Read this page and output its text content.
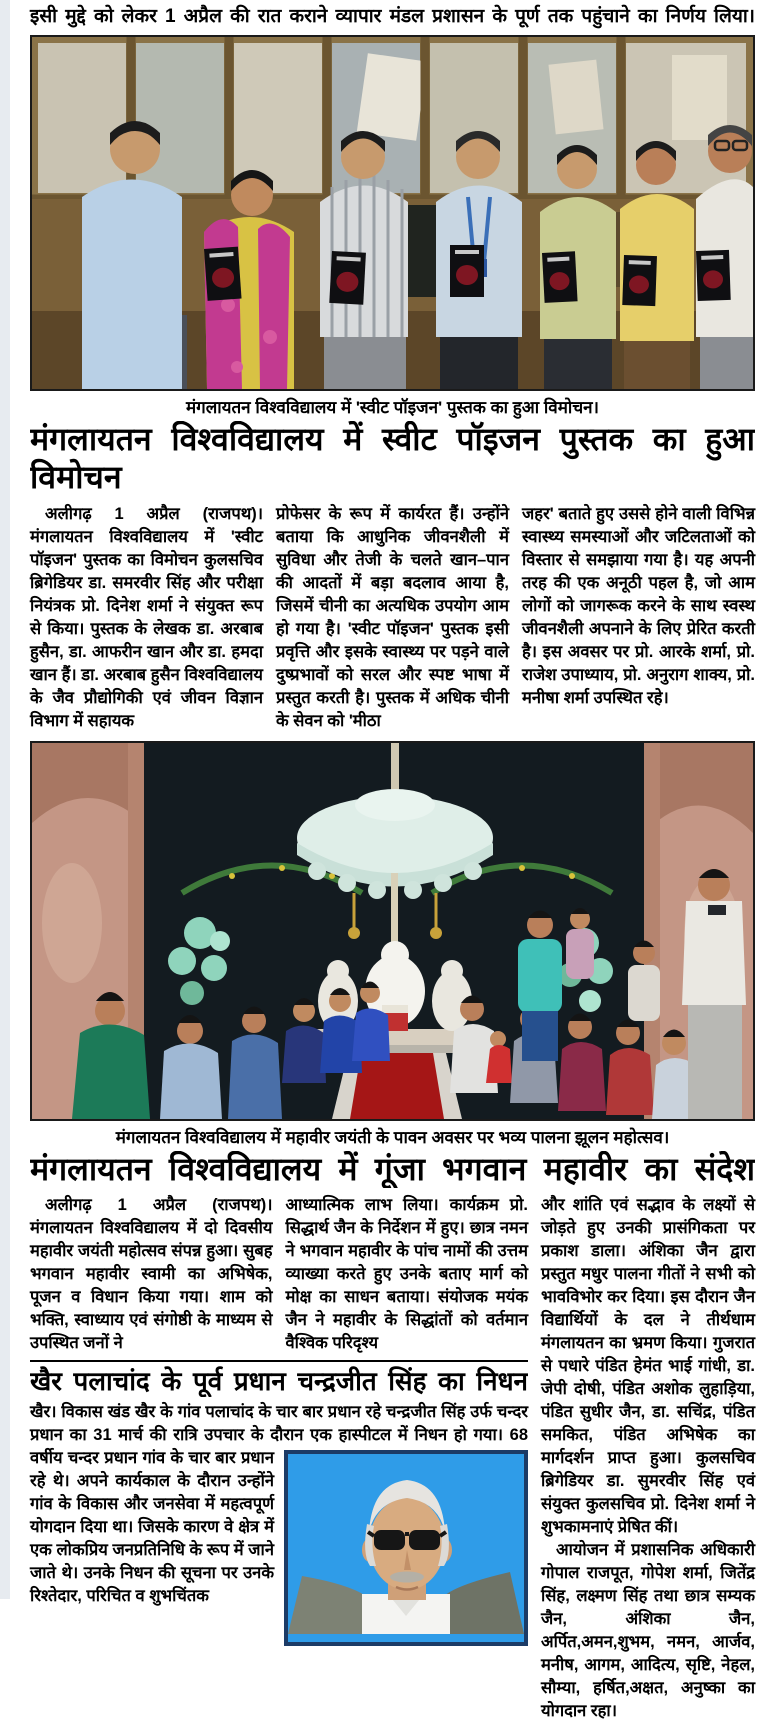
इसी मुद्दे को लेकर 1 अप्रैल की रात कराने व्यापार मंडल प्रशासन के पूर्ण तक पहुंचाने का निर्णय लिया।
मंगलायतन विश्वविद्यालय में 'स्वीट पॉइजन' पुस्तक का हुआ विमोचन।
मंगलायतन विश्वविद्यालय में स्वीट पॉइजन पुस्तक का हुआ विमोचन

अलीगढ़ 1 अप्रैल (राजपथ)। मंगलायतन विश्वविद्यालय में 'स्वीट पॉइजन' पुस्तक का विमोचन कुलसचिव ब्रिगेडियर डा. समरवीर सिंह और परीक्षा नियंत्रक प्रो. दिनेश शर्मा ने संयुक्त रूप से किया। पुस्तक के लेखक डा. अरबाब हुसैन, डा. आफरीन खान और डा. हमदा खान हैं। डा. अरबाब हुसैन विश्वविद्यालय के जैव प्रौद्योगिकी एवं जीवन विज्ञान विभाग में सहायक

प्रोफेसर के रूप में कार्यरत हैं। उन्होंने बताया कि आधुनिक जीवनशैली में सुविधा और तेजी के चलते खान–पान की आदतों में बड़ा बदलाव आया है, जिसमें चीनी का अत्यधिक उपयोग आम हो गया है। 'स्वीट पॉइजन' पुस्तक इसी प्रवृत्ति और इसके स्वास्थ्य पर पड़ने वाले दुष्प्रभावों को सरल और स्पष्ट भाषा में प्रस्तुत करती है। पुस्तक में अधिक चीनी के सेवन को 'मीठा

जहर' बताते हुए उससे होने वाली विभिन्न स्वास्थ्य समस्याओं और जटिलताओं को विस्तार से समझाया गया है। यह अपनी तरह की एक अनूठी पहल है, जो आम लोगों को जागरूक करने के साथ स्वस्थ जीवनशैली अपनाने के लिए प्रेरित करती है। इस अवसर पर प्रो. आरके शर्मा, प्रो. राजेश उपाध्याय, प्रो. अनुराग शाक्य, प्रो. मनीषा शर्मा उपस्थित रहे।

मंगलायतन विश्वविद्यालय में महावीर जयंती के पावन अवसर पर भव्य पालना झूलन महोत्सव।
मंगलायतन विश्वविद्यालय में गूंजा भगवान महावीर का संदेश

अलीगढ़ 1 अप्रैल (राजपथ)। मंगलायतन विश्वविद्यालय में दो दिवसीय महावीर जयंती महोत्सव संपन्न हुआ। सुबह भगवान महावीर स्वामी का अभिषेक, पूजन व विधान किया गया। शाम को भक्ति, स्वाध्याय एवं संगोष्ठी के माध्यम से उपस्थित जनों ने

आध्यात्मिक लाभ लिया। कार्यक्रम प्रो. सिद्धार्थ जैन के निर्देशन में हुए। छात्र नमन ने भगवान महावीर के पांच नामों की उत्तम व्याख्या करते हुए उनके बताए मार्ग को मोक्ष का साधन बताया। संयोजक मयंक जैन ने महावीर के सिद्धांतों को वर्तमान वैश्विक परिदृश्य

खैर पलाचांद के पूर्व प्रधान चन्द्रजीत सिंह का निधन
खैर। विकास खंड खैर के गांव पलाचांद के चार बार प्रधान रहे चन्द्रजीत सिंह उर्फ चन्दर प्रधान का 31 मार्च की रात्रि उपचार के दौरान एक हास्पीटल में निधन हो गया। 68 वर्षीय चन्दर प्रधान गांव के चार बार प्रधान रहे थे। अपने कार्यकाल के दौरान उन्होंने गांव के विकास और जनसेवा में महत्वपूर्ण योगदान दिया था। जिसके कारण वे क्षेत्र में एक लोकप्रिय जनप्रतिनिधि के रूप में जाने जाते थे। उनके निधन की सूचना पर उनके रिश्तेदार, परिचित व शुभचिंतक

और शांति एवं सद्भाव के लक्ष्यों से जोड़ते हुए उनकी प्रासंगिकता पर प्रकाश डाला। अंशिका जैन द्वारा प्रस्तुत मधुर पालना गीतों ने सभी को भावविभोर कर दिया। इस दौरान जैन विद्यार्थियों के दल ने तीर्थधाम मंगलायतन का भ्रमण किया। गुजरात से पधारे पंडित हेमंत भाई गांधी, डा. जेपी दोषी, पंडित अशोक लुहाड़िया, पंडित सुधीर जैन, डा. सचिंद्र, पंडित समकित, पंडित अभिषेक का मार्गदर्शन प्राप्त हुआ। कुलसचिव ब्रिगेडियर डा. सुमरवीर सिंह एवं संयुक्त कुलसचिव प्रो. दिनेश शर्मा ने शुभकामनाएं प्रेषित कीं।

आयोजन में प्रशासनिक अधिकारी गोपाल राजपूत, गोपेश शर्मा, जितेंद्र सिंह, लक्ष्मण सिंह तथा छात्र सम्यक जैन, अंशिका जैन, अर्पित,अमन,शुभम, नमन, आर्जव, मनीष, आगम, आदित्य, सृष्टि, नेहल, सौम्या, हर्षित,अक्षत, अनुष्का का योगदान रहा।
